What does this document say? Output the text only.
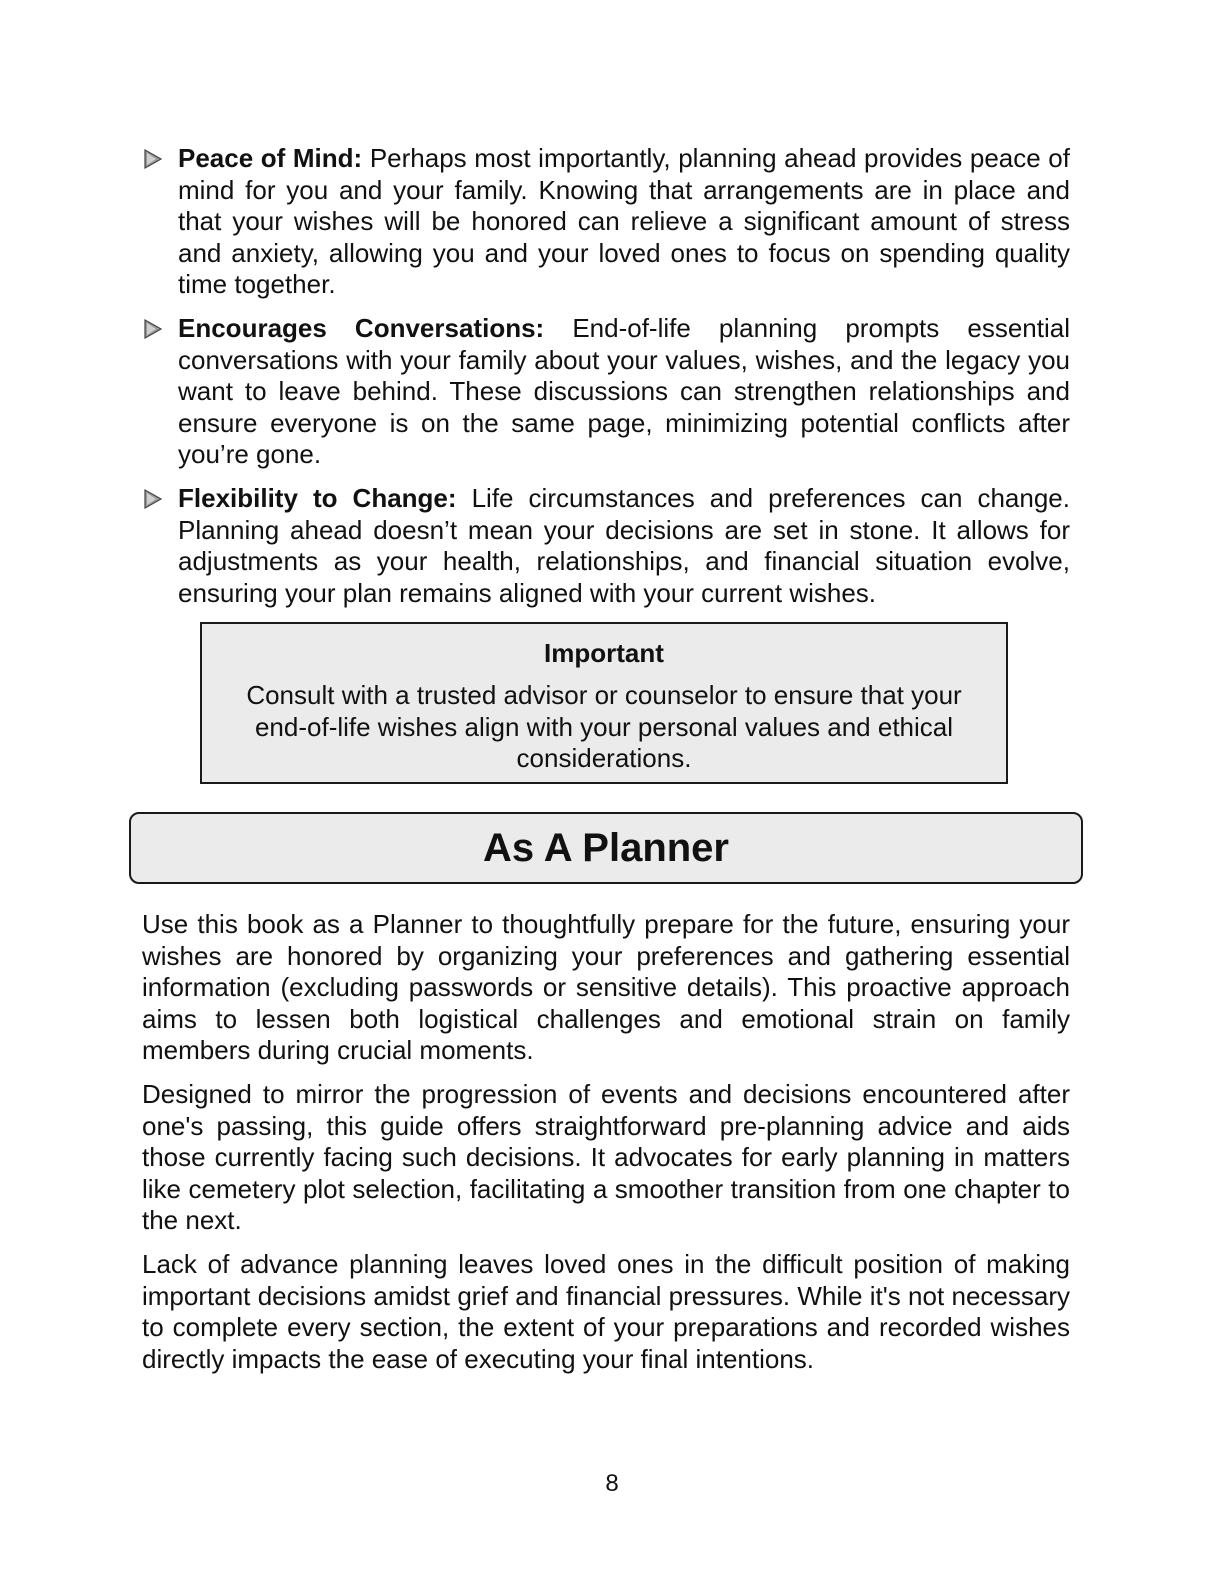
Peace of Mind: Perhaps most importantly, planning ahead provides peace of mind for you and your family. Knowing that arrangements are in place and that your wishes will be honored can relieve a significant amount of stress and anxiety, allowing you and your loved ones to focus on spending quality time together.
Encourages Conversations: End-of-life planning prompts essential conversations with your family about your values, wishes, and the legacy you want to leave behind. These discussions can strengthen relationships and ensure everyone is on the same page, minimizing potential conflicts after you’re gone.
Flexibility to Change: Life circumstances and preferences can change. Planning ahead doesn’t mean your decisions are set in stone. It allows for adjustments as your health, relationships, and financial situation evolve, ensuring your plan remains aligned with your current wishes.
Important
Consult with a trusted advisor or counselor to ensure that your end-of-life wishes align with your personal values and ethical considerations.
As A Planner

Use this book as a Planner to thoughtfully prepare for the future, ensuring your wishes are honored by organizing your preferences and gathering essential information (excluding passwords or sensitive details). This proactive approach aims to lessen both logistical challenges and emotional strain on family members during crucial moments.

Designed to mirror the progression of events and decisions encountered after one's passing, this guide offers straightforward pre-planning advice and aids those currently facing such decisions. It advocates for early planning in matters like cemetery plot selection, facilitating a smoother transition from one chapter to the next.

Lack of advance planning leaves loved ones in the difficult position of making important decisions amidst grief and financial pressures. While it's not necessary to complete every section, the extent of your preparations and recorded wishes directly impacts the ease of executing your final intentions.

8
